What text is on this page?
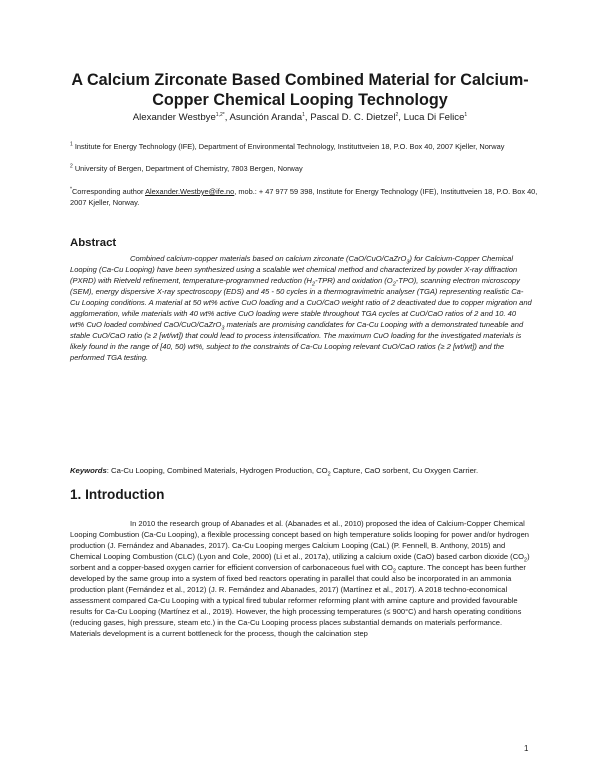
A Calcium Zirconate Based Combined Material for Calcium-Copper Chemical Looping Technology
Alexander Westbye$^{1,2*}$, Asunción Aranda$^1$, Pascal D. C. Dietzel$^2$, Luca Di Felice$^1$
$^1$ Institute for Energy Technology (IFE), Department of Environmental Technology, Instituttveien 18, P.O. Box 40, 2007 Kjeller, Norway
$^2$ University of Bergen, Department of Chemistry, 7803 Bergen, Norway
*Corresponding author Alexander.Westbye@ife.no, mob.: + 47 977 59 398, Institute for Energy Technology (IFE), Instituttveien 18, P.O. Box 40, 2007 Kjeller, Norway.
Abstract

Combined calcium-copper materials based on calcium zirconate (CaO/CuO/CaZrO$_3$) for Calcium-Copper Chemical Looping (Ca-Cu Looping) have been synthesized using a scalable wet chemical method and characterized by powder X-ray diffraction (PXRD) with Rietveld refinement, temperature-programmed reduction $(H_2-TPR)$ and oxidation $(O_2-TPO)$, scanning electron microscopy (SEM), energy dispersive X-ray spectroscopy (EDS) and 45 - 50 cycles in a thermogravimetric analyser (TGA) representing realistic Ca-Cu Looping conditions. A material at 50 wt% active CuO loading and a CuO/CaO weight ratio of 2 deactivated due to copper migration and agglomeration, while materials with 40 wt% active CuO loading were stable throughout TGA cycles at CuO/CaO ratios of 2 and 10. 40 wt% CuO loaded combined CaO/CuO/CaZrO$_3$ materials are promising candidates for Ca-Cu Looping with a demonstrated tuneable and stable CuO/CaO ratio (≥ 2 [wt/wt]) that could lead to process intensification. The maximum CuO loading for the investigated materials is likely found in the range of [40, 50) wt%, subject to the constraints of Ca-Cu Looping relevant CuO/CaO ratios (≥ 2 [wt/wt]) and the performed TGA testing.

Keywords: Ca-Cu Looping, Combined Materials, Hydrogen Production, $CO_2$ Capture, CaO sorbent, Cu Oxygen Carrier.

1. Introduction

In 2010 the research group of Abanades et al. (Abanades et al., 2010) proposed the idea of Calcium-Copper Chemical Looping Combustion (Ca-Cu Looping), a flexible processing concept based on high temperature solids looping for power and/or hydrogen production (J. Fernández and Abanades, 2017). Ca-Cu Looping merges Calcium Looping (CaL) (P. Fennell, B. Anthony, 2015) and Chemical Looping Combustion (CLC) (Lyon and Cole, 2000) (Li et al., 2017a), utilizing a calcium oxide (CaO) based carbon dioxide $(CO_2)$ sorbent and a copper-based oxygen carrier for efficient conversion of carbonaceous fuel with $CO_2$ capture. The concept has been further developed by the same group into a system of fixed bed reactors operating in parallel that could also be incorporated in an ammonia production plant (Fernández et al., 2012) (J. R. Fernández and Abanades, 2017) (Martínez et al., 2017). A 2018 techno-economical assessment compared Ca-Cu Looping with a typical fired tubular reformer reforming plant with amine capture and provided favourable results for Ca-Cu Looping (Martínez et al., 2019). However, the high processing temperatures (≤ 900°C) and harsh operating conditions (reducing gases, high pressure, steam etc.) in the Ca-Cu Looping process places substantial demands on materials performance. Materials development is a current bottleneck for the process, though the calcination step

1
